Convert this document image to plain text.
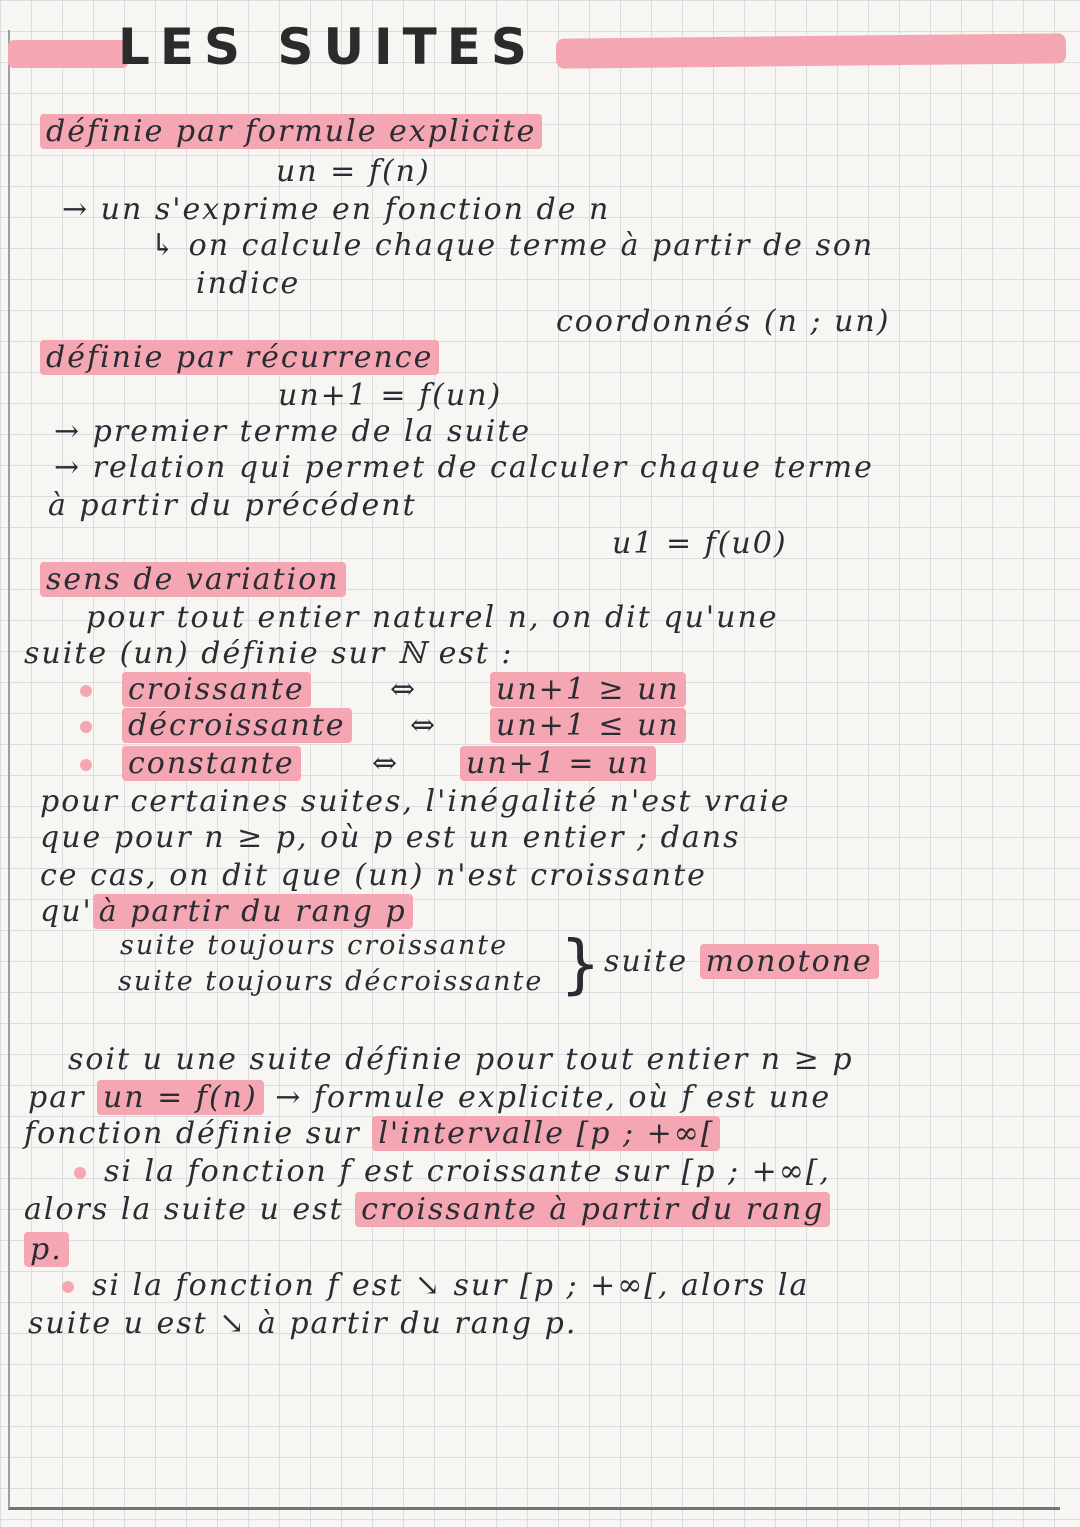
LES SUITES
définie par formule explicite
un = f(n)
→ un s'exprime en fonction de n
↳ on calcule chaque terme à partir de son
indice
coordonnés (n ; un)
définie par récurrence
un+1 = f(un)
→ premier terme de la suite
→ relation qui permet de calculer chaque terme
à partir du précédent
u1 = f(u0)
sens de variation
pour tout entier naturel n, on dit qu'une
suite (un) définie sur ℕ est :
croissante	⇔	un+1 ≥ un
décroissante ⇔ un+1 ≤ un
constante	⇔ un+1 = un
pour certaines suites, l'inégalité n'est vraie
que pour n ≥ p, où p est un entier ; dans
ce cas, on dit que (un) n'est croissante
qu' à partir du rang p
suite toujours croissante
suite toujours décroissante } suite monotone
soit u une suite définie pour tout entier n ≥ p
par un = f(n) → formule explicite, où f est une
fonction définie sur l'intervalle [p ; +∞[
si la fonction f est croissante sur [p ; +∞[,
alors la suite u est croissante à partir du rang
p.
si la fonction f est ↘ sur [p ; +∞[, alors la
suite u est ↘ à partir du rang p.
